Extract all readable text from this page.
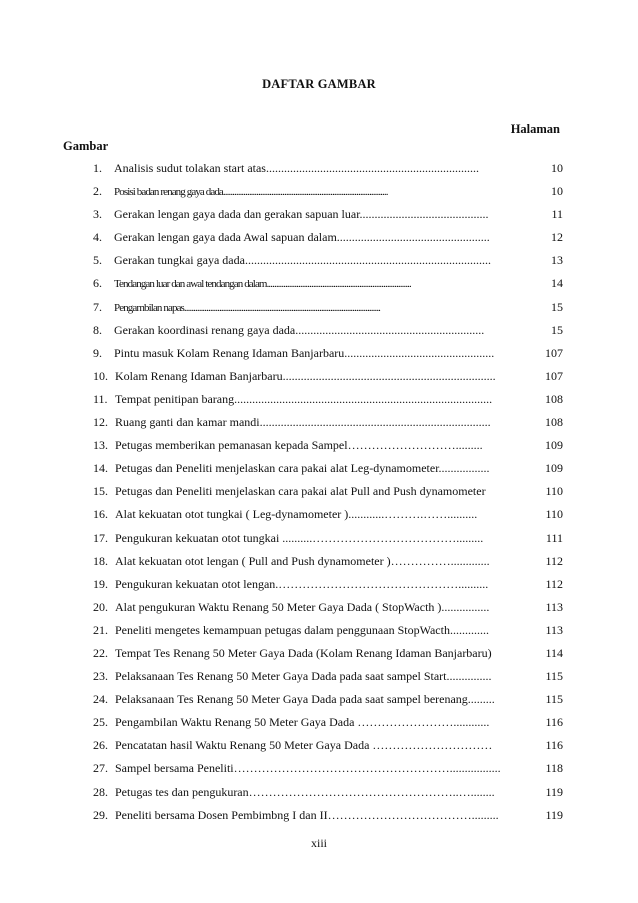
DAFTAR GAMBAR
Halaman
Gambar
1.	Analisis sudut tolakan start atas.......................................................................	10
2.	Posisi badan renang gaya dada.........................................................................................	10
3.	Gerakan lengan gaya dada dan gerakan sapuan luar...........................................	11
4.	Gerakan lengan gaya dada Awal sapuan dalam...................................................	12
5.	Gerakan tungkai gaya dada..................................................................................	13
6.	Tendangan luar dan awal tendangan dalam..............................................................................	14
7.	Pengambilan napas..........................................................................................................	15
8.	Gerakan koordinasi renang gaya dada...............................................................	15
9.	Pintu masuk Kolam Renang Idaman Banjarbaru..................................................	107
10. Kolam Renang Idaman Banjarbaru.......................................................................	107
11. Tempat penitipan barang......................................................................................	108
12. Ruang ganti dan kamar mandi.............................................................................	108
13. Petugas memberikan pemanasan kepada Sampel……………………….........	109
14. Petugas dan Peneliti menjelaskan cara pakai alat Leg-dynamometer.................	109
15. Petugas dan Peneliti menjelaskan cara pakai alat Pull and Push dynamometer	110
16. Alat kekuatan otot tungkai ( Leg-dynamometer )............……….……..........	110
17. Pengukuran kekuatan otot tungkai ..........……………………………….........	111
18. Alat kekuatan otot lengan ( Pull and Push dynamometer )…………….............	112
19. Pengukuran kekuatan otot lengan.………………………………………..........	112
20. Alat pengukuran Waktu Renang 50 Meter Gaya Dada ( StopWacth )................	113
21. Peneliti mengetes kemampuan petugas dalam penggunaan StopWacth.............	113
22. Tempat Tes Renang 50 Meter Gaya Dada (Kolam Renang Idaman Banjarbaru)	114
23. Pelaksanaan Tes Renang 50 Meter Gaya Dada pada saat sampel Start...............	115
24. Pelaksanaan Tes Renang 50 Meter Gaya Dada pada saat sampel berenang.........	115
25. Pengambilan Waktu Renang 50 Meter Gaya Dada ……………………............	116
26. Pencatatan hasil Waktu Renang 50 Meter Gaya Dada …………………………	116
27. Sampel bersama Peneliti……………………………………………….................	118
28. Petugas tes dan pengukuran……………………………………………..…........	119
29. Peneliti bersama Dosen Pembimbng I dan II……………………………….........	119
xiii
